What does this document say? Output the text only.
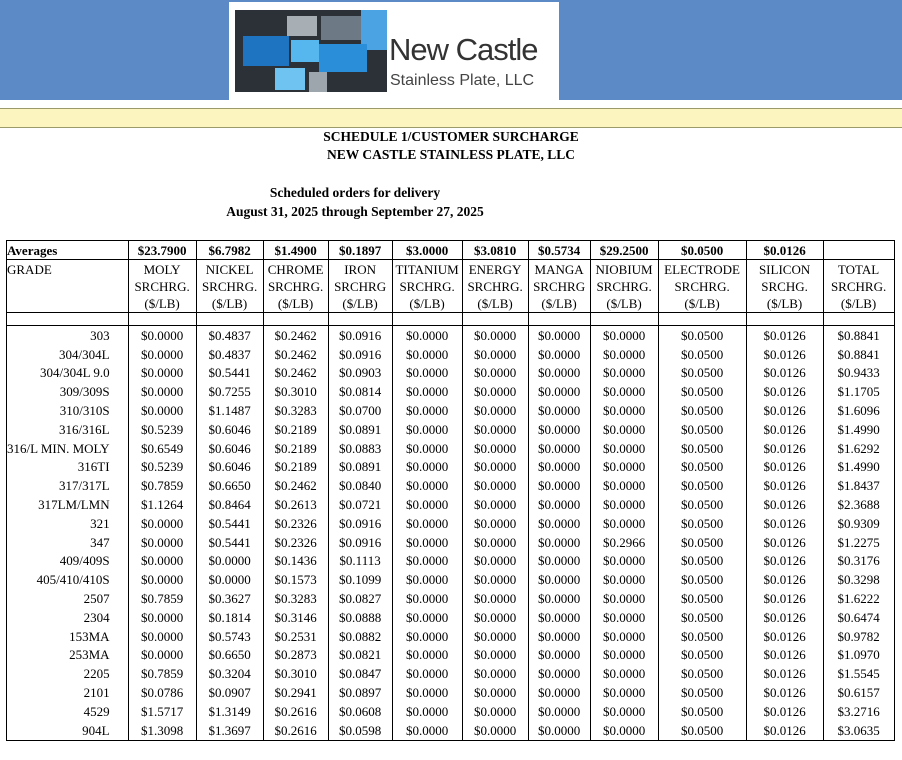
New Castle
Stainless Plate, LLC
SCHEDULE 1/CUSTOMER SURCHARGE
NEW CASTLE STAINLESS PLATE, LLC
Scheduled orders for delivery
August 31, 2025 through September 27, 2025
Averages	$23.7900	$6.7982	$1.4900	$0.1897	$3.0000	$3.0810	$0.5734	$29.2500	$0.0500	$0.0126	
GRADE	MOLY	NICKEL	CHROME	IRON	TITANIUM	ENERGY	MANGA	NIOBIUM	ELECTRODE	SILICON	TOTAL
	SRCHRG.	SRCHRG.	SRCHRG.	SRCHRG	SRCHRG.	SRCHRG.	SRCHRG	SRCHRG.	SRCHRG.	SRCHG.	SRCHRG.
	($/LB)	($/LB)	($/LB)	($/LB)	($/LB)	($/LB)	($/LB)	($/LB)	($/LB)	($/LB)	($/LB)

303	$0.0000	$0.4837	$0.2462	$0.0916	$0.0000	$0.0000	$0.0000	$0.0000	$0.0500	$0.0126	$0.8841
304/304L	$0.0000	$0.4837	$0.2462	$0.0916	$0.0000	$0.0000	$0.0000	$0.0000	$0.0500	$0.0126	$0.8841
304/304L 9.0	$0.0000	$0.5441	$0.2462	$0.0903	$0.0000	$0.0000	$0.0000	$0.0000	$0.0500	$0.0126	$0.9433
309/309S	$0.0000	$0.7255	$0.3010	$0.0814	$0.0000	$0.0000	$0.0000	$0.0000	$0.0500	$0.0126	$1.1705
310/310S	$0.0000	$1.1487	$0.3283	$0.0700	$0.0000	$0.0000	$0.0000	$0.0000	$0.0500	$0.0126	$1.6096
316/316L	$0.5239	$0.6046	$0.2189	$0.0891	$0.0000	$0.0000	$0.0000	$0.0000	$0.0500	$0.0126	$1.4990
316/L MIN. MOLY	$0.6549	$0.6046	$0.2189	$0.0883	$0.0000	$0.0000	$0.0000	$0.0000	$0.0500	$0.0126	$1.6292
316TI	$0.5239	$0.6046	$0.2189	$0.0891	$0.0000	$0.0000	$0.0000	$0.0000	$0.0500	$0.0126	$1.4990
317/317L	$0.7859	$0.6650	$0.2462	$0.0840	$0.0000	$0.0000	$0.0000	$0.0000	$0.0500	$0.0126	$1.8437
317LM/LMN	$1.1264	$0.8464	$0.2613	$0.0721	$0.0000	$0.0000	$0.0000	$0.0000	$0.0500	$0.0126	$2.3688
321	$0.0000	$0.5441	$0.2326	$0.0916	$0.0000	$0.0000	$0.0000	$0.0000	$0.0500	$0.0126	$0.9309
347	$0.0000	$0.5441	$0.2326	$0.0916	$0.0000	$0.0000	$0.0000	$0.2966	$0.0500	$0.0126	$1.2275
409/409S	$0.0000	$0.0000	$0.1436	$0.1113	$0.0000	$0.0000	$0.0000	$0.0000	$0.0500	$0.0126	$0.3176
405/410/410S	$0.0000	$0.0000	$0.1573	$0.1099	$0.0000	$0.0000	$0.0000	$0.0000	$0.0500	$0.0126	$0.3298
2507	$0.7859	$0.3627	$0.3283	$0.0827	$0.0000	$0.0000	$0.0000	$0.0000	$0.0500	$0.0126	$1.6222
2304	$0.0000	$0.1814	$0.3146	$0.0888	$0.0000	$0.0000	$0.0000	$0.0000	$0.0500	$0.0126	$0.6474
153MA	$0.0000	$0.5743	$0.2531	$0.0882	$0.0000	$0.0000	$0.0000	$0.0000	$0.0500	$0.0126	$0.9782
253MA	$0.0000	$0.6650	$0.2873	$0.0821	$0.0000	$0.0000	$0.0000	$0.0000	$0.0500	$0.0126	$1.0970
2205	$0.7859	$0.3204	$0.3010	$0.0847	$0.0000	$0.0000	$0.0000	$0.0000	$0.0500	$0.0126	$1.5545
2101	$0.0786	$0.0907	$0.2941	$0.0897	$0.0000	$0.0000	$0.0000	$0.0000	$0.0500	$0.0126	$0.6157
4529	$1.5717	$1.3149	$0.2616	$0.0608	$0.0000	$0.0000	$0.0000	$0.0000	$0.0500	$0.0126	$3.2716
904L	$1.3098	$1.3697	$0.2616	$0.0598	$0.0000	$0.0000	$0.0000	$0.0000	$0.0500	$0.0126	$3.0635
